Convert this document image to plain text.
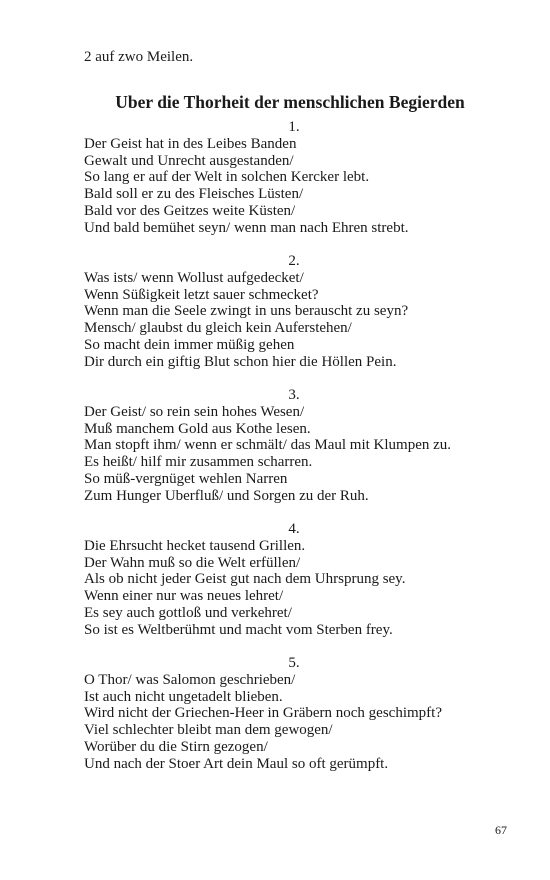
2 auf zwo Meilen.
Uber die Thorheit der menschlichen Begierden
1.
Der Geist hat in des Leibes Banden
Gewalt und Unrecht ausgestanden/
So lang er auf der Welt in solchen Kercker lebt.
Bald soll er zu des Fleisches Lüsten/
Bald vor des Geitzes weite Küsten/
Und bald bemühet seyn/ wenn man nach Ehren strebt.
2.
Was ists/ wenn Wollust aufgedecket/
Wenn Süßigkeit letzt sauer schmecket?
Wenn man die Seele zwingt in uns berauscht zu seyn?
Mensch/ glaubst du gleich kein Auferstehen/
So macht dein immer müßig gehen
Dir durch ein giftig Blut schon hier die Höllen Pein.
3.
Der Geist/ so rein sein hohes Wesen/
Muß manchem Gold aus Kothe lesen.
Man stopft ihm/ wenn er schmält/ das Maul mit Klumpen zu.
Es heißt/ hilf mir zusammen scharren.
So müß-vergnüget wehlen Narren
Zum Hunger Uberfluß/ und Sorgen zu der Ruh.
4.
Die Ehrsucht hecket tausend Grillen.
Der Wahn muß so die Welt erfüllen/
Als ob nicht jeder Geist gut nach dem Uhrsprung sey.
Wenn einer nur was neues lehret/
Es sey auch gottloß und verkehret/
So ist es Weltberühmt und macht vom Sterben frey.
5.
O Thor/ was Salomon geschrieben/
Ist auch nicht ungetadelt blieben.
Wird nicht der Griechen-Heer in Gräbern noch geschimpft?
Viel schlechter bleibt man dem gewogen/
Worüber du die Stirn gezogen/
Und nach der Stoer Art dein Maul so oft gerümpft.
67
